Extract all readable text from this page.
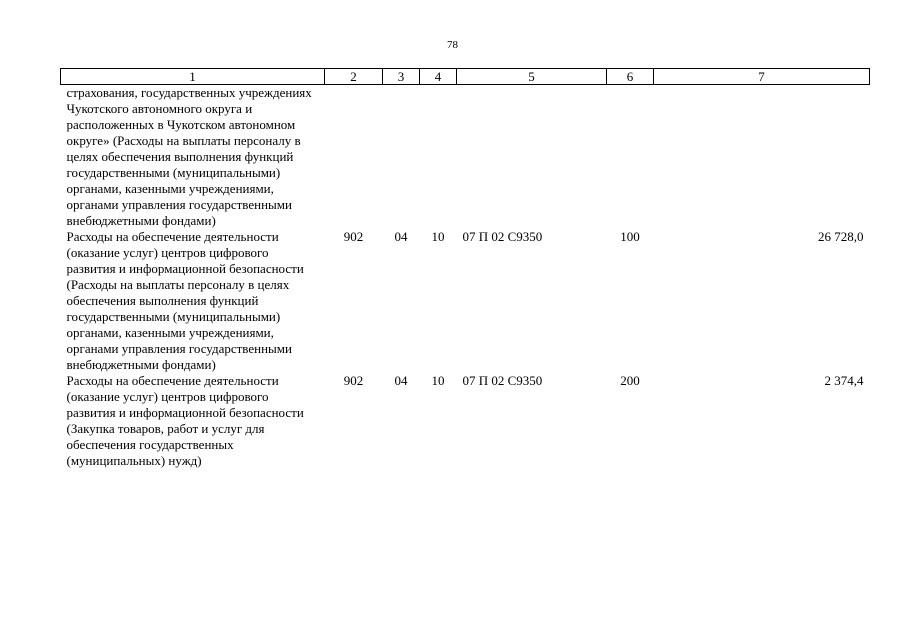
78
1	2	3	4	5	6	7
страхования, государственных учреждениях Чукотского автономного округа и расположенных в Чукотском автономном округе» (Расходы на выплаты персоналу в целях обеспечения выполнения функций государственными (муниципальными) органами, казенными учреждениями, органами управления государственными внебюджетными фондами)						
Расходы на обеспечение деятельности (оказание услуг) центров цифрового развития и информационной безопасности (Расходы на выплаты персоналу в целях обеспечения выполнения функций государственными (муниципальными) органами, казенными учреждениями, органами управления государственными внебюджетными фондами)	902	04	10	07 П 02 С9350	100	26 728,0
Расходы на обеспечение деятельности (оказание услуг) центров цифрового развития и информационной безопасности (Закупка товаров, работ и услуг для обеспечения государственных (муниципальных) нужд)	902	04	10	07 П 02 С9350	200	2 374,4
